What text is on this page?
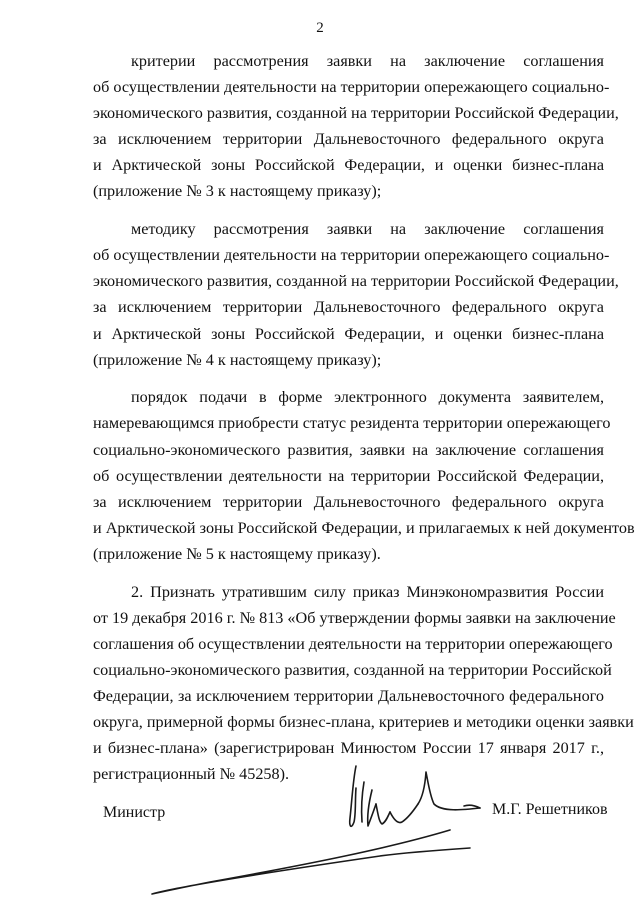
2
критерии рассмотрения заявки на заключение соглашения
об осуществлении деятельности на территории опережающего социально-
экономического развития, созданной на территории Российской Федерации,
за исключением территории Дальневосточного федерального округа
и Арктической зоны Российской Федерации, и оценки бизнес-плана
(приложение № 3 к настоящему приказу);
методику рассмотрения заявки на заключение соглашения
об осуществлении деятельности на территории опережающего социально-
экономического развития, созданной на территории Российской Федерации,
за исключением территории Дальневосточного федерального округа
и Арктической зоны Российской Федерации, и оценки бизнес-плана
(приложение № 4 к настоящему приказу);
порядок подачи в форме электронного документа заявителем,
намеревающимся приобрести статус резидента территории опережающего
социально-экономического развития, заявки на заключение соглашения
об осуществлении деятельности на территории Российской Федерации,
за исключением территории Дальневосточного федерального округа
и Арктической зоны Российской Федерации, и прилагаемых к ней документов
(приложение № 5 к настоящему приказу).
2. Признать утратившим силу приказ Минэкономразвития России
от 19 декабря 2016 г. № 813 «Об утверждении формы заявки на заключение
соглашения об осуществлении деятельности на территории опережающего
социально-экономического развития, созданной на территории Российской
Федерации, за исключением территории Дальневосточного федерального
округа, примерной формы бизнес-плана, критериев и методики оценки заявки
и бизнес-плана» (зарегистрирован Минюстом России 17 января 2017 г.,
регистрационный № 45258).
Министр	М.Г. Решетников
